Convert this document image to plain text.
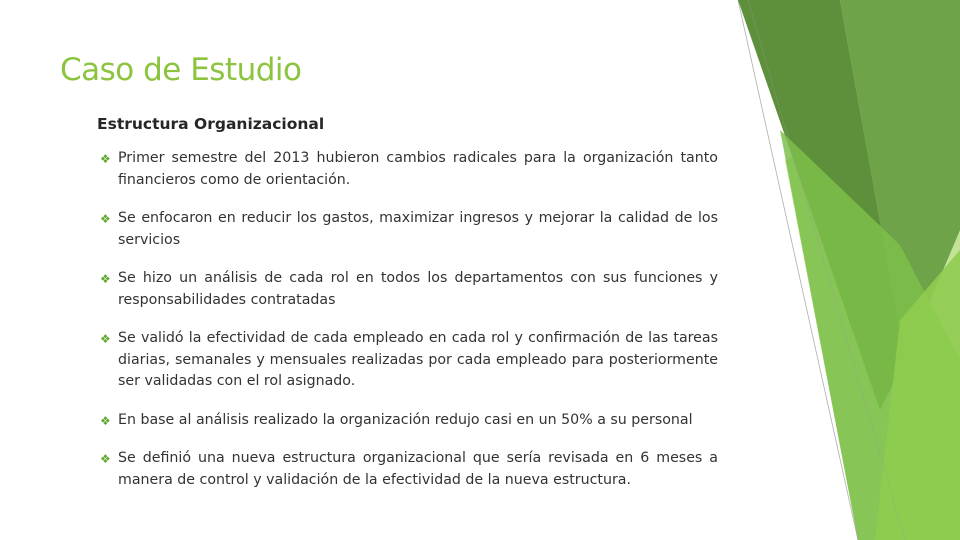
Caso de Estudio
Estructura Organizacional
❖ Primer semestre del 2013 hubieron cambios radicales para la organización tanto financieros como de orientación.
❖ Se enfocaron en reducir los gastos, maximizar ingresos y mejorar la calidad de los servicios
❖ Se hizo un análisis de cada rol en todos los departamentos con sus funciones y responsabilidades contratadas
❖ Se validó la efectividad de cada empleado en cada rol y confirmación de las tareas diarias, semanales y mensuales realizadas por cada empleado para posteriormente ser validadas con el rol asignado.
❖ En base al análisis realizado la organización redujo casi en un 50% a su personal
❖ Se definió una nueva estructura organizacional que sería revisada en 6 meses a manera de control y validación de la efectividad de la nueva estructura.
